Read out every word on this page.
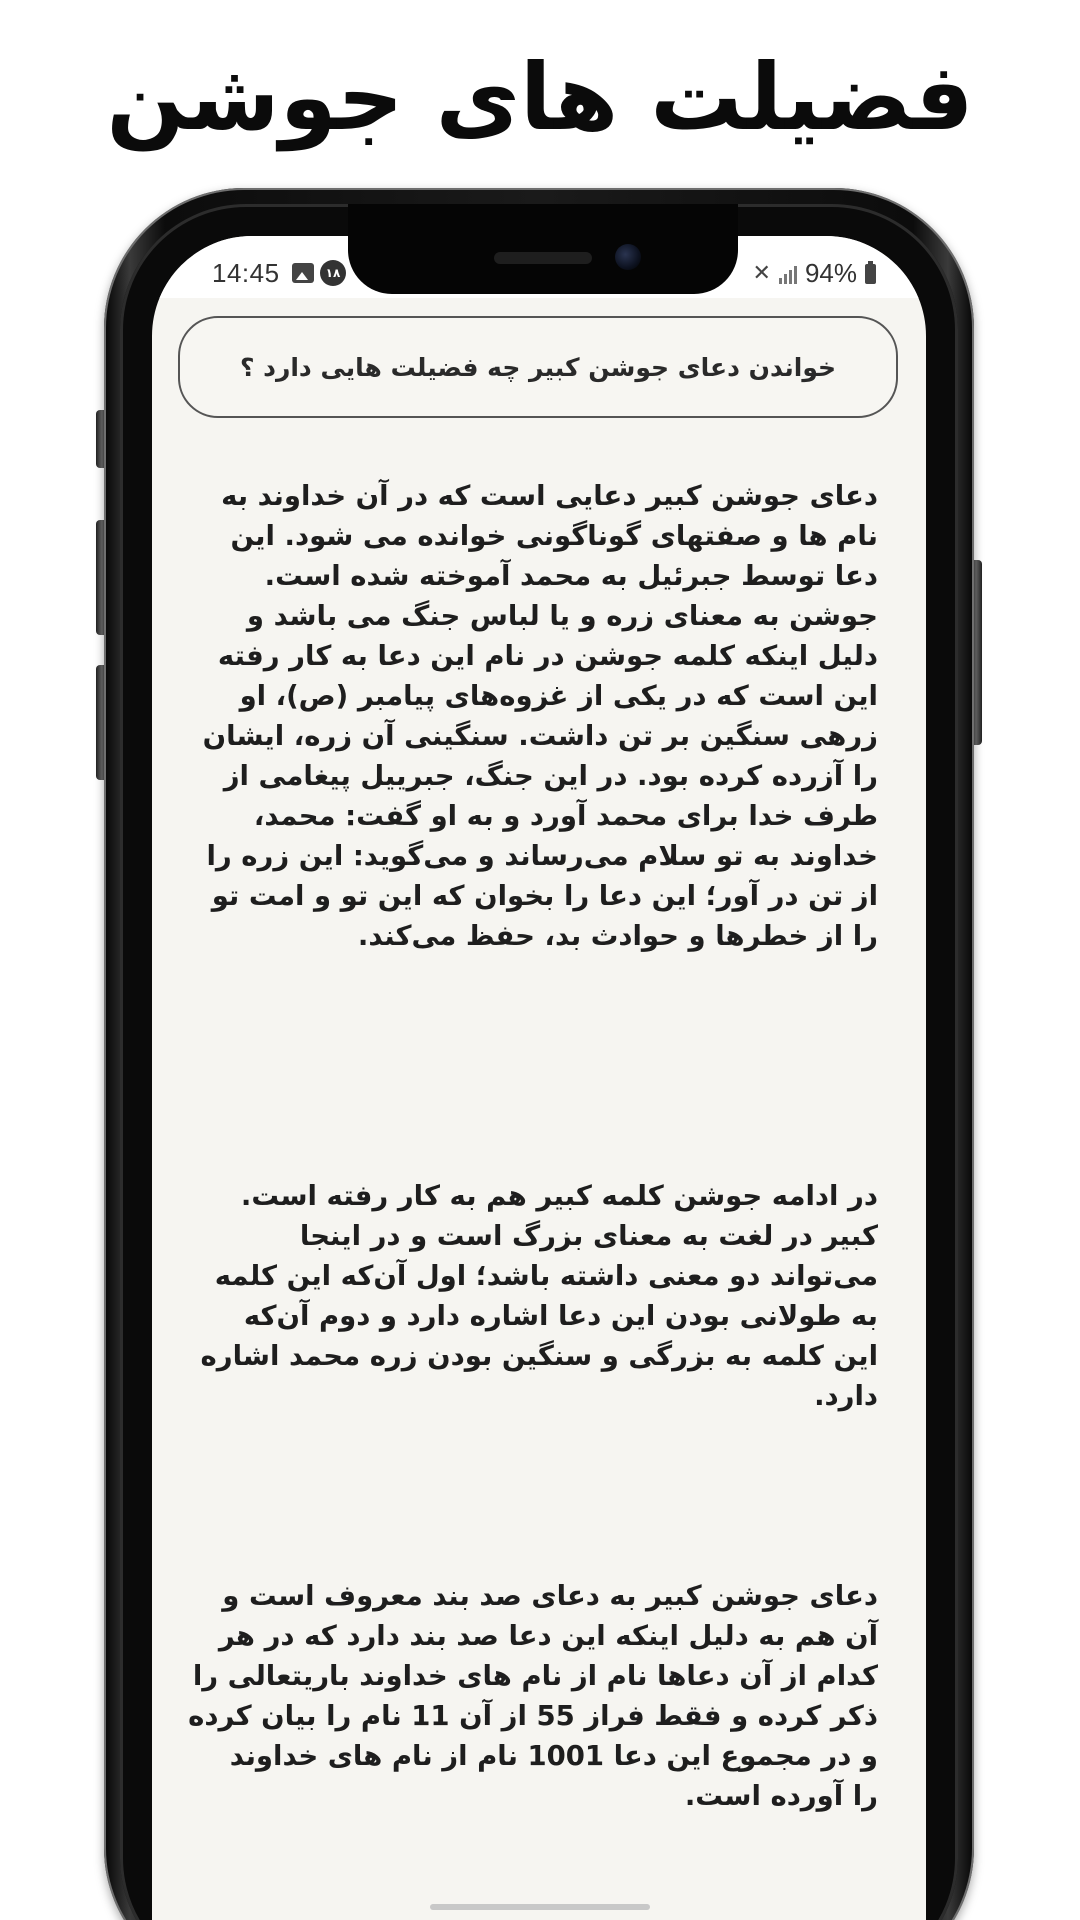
فضیلت های جوشن
14:45	۱۸	✕ 94%
خواندن دعای جوشن کبیر چه فضیلت هایی دارد ؟

دعای جوشن کبیر دعایی است که در آن خداوند به
نام ها و صفتهای گوناگونی خوانده می شود. این
دعا توسط جبرئیل به محمد آموخته شده است.
جوشن به معنای زره و یا لباس جنگ می باشد و
دلیل اینکه کلمه جوشن در نام این دعا به کار رفته
این است که در یکی از غزوه‌های پیامبر (ص)، او
زرهی سنگین بر تن داشت. سنگینی آن زره، ایشان
را آزرده کرده بود. در این جنگ، جبرییل پیغامی از
طرف خدا برای محمد آورد و به او گفت: محمد،
خداوند به تو سلام می‌رساند و می‌گوید: این زره را
از تن در آور؛ این دعا را بخوان که این تو و امت تو
را از خطرها و حوادث بد، حفظ می‌کند.

در ادامه جوشن کلمه کبیر هم به کار رفته است.
کبیر در لغت به معنای بزرگ است و در اینجا
می‌تواند دو معنی داشته باشد؛ اول آن‌که این کلمه
به طولانی بودن این دعا اشاره دارد و دوم آن‌که
این کلمه به بزرگی و سنگین بودن زره محمد اشاره
دارد.

دعای جوشن کبیر به دعای صد بند معروف است و
آن هم به دلیل اینکه این دعا صد بند دارد که در هر
کدام از آن دعاها نام از نام های خداوند باریتعالی را
ذکر کرده و فقط فراز 55 از آن 11 نام را بیان کرده
و در مجموع این دعا 1001 نام از نام های خداوند
را آورده است.
